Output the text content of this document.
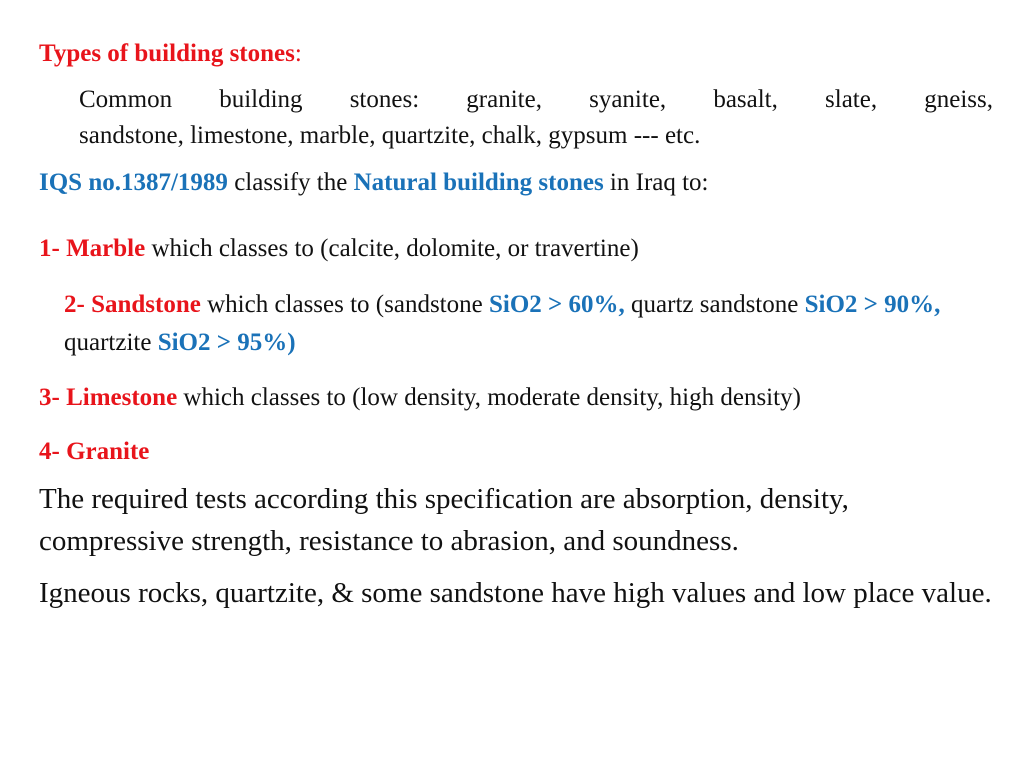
Types of building stones:
Common building stones: granite, syanite, basalt, slate, gneiss,
sandstone, limestone, marble, quartzite, chalk, gypsum --- etc.
IQS no.1387/1989 classify the Natural building stones in Iraq to:
1- Marble which classes to (calcite, dolomite, or travertine)
2- Sandstone which classes to (sandstone SiO2 > 60%, quartz sandstone SiO2 > 90%, quartzite SiO2 > 95%)
3- Limestone which classes to (low density, moderate density, high density)
4- Granite
The required tests according this specification are absorption, density, compressive strength, resistance to abrasion, and soundness.
Igneous rocks, quartzite, & some sandstone have high values and low place value.
